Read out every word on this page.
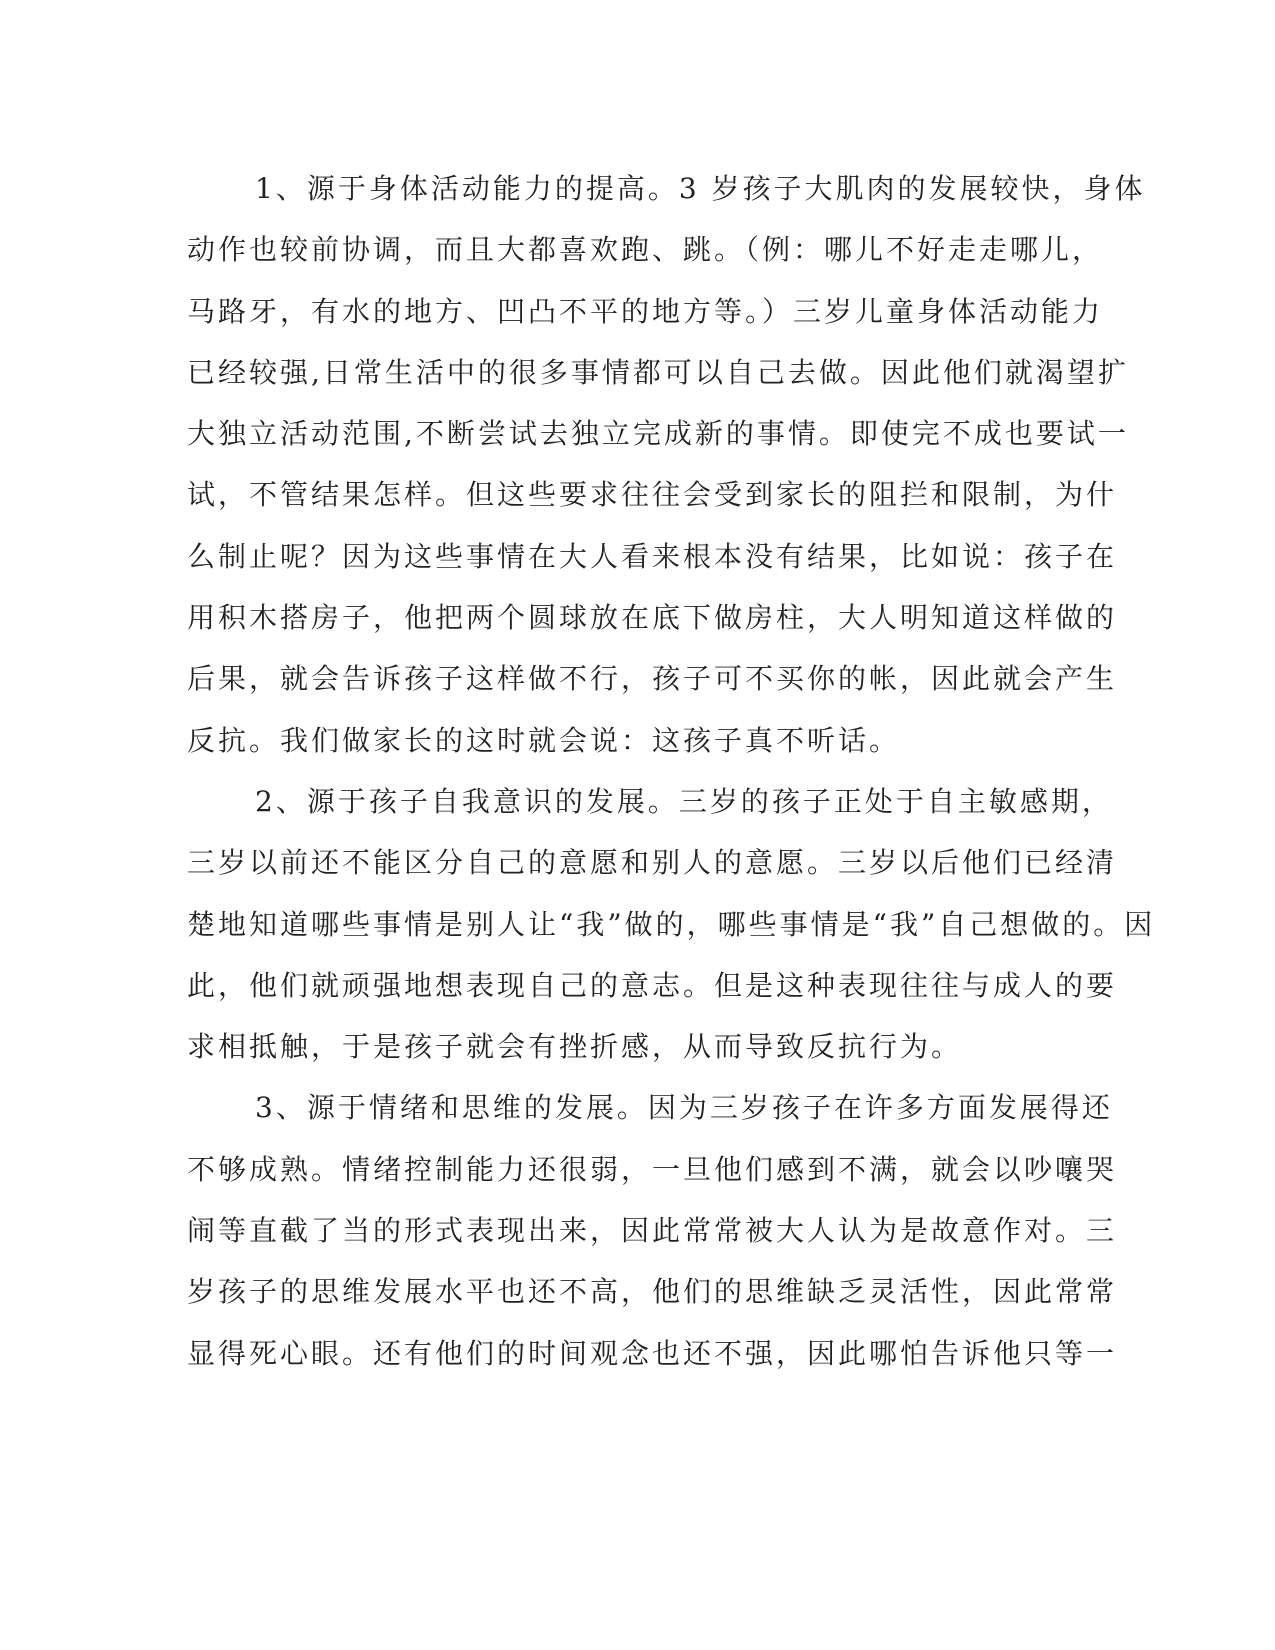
1、源于身体活动能力的提高。3 岁孩子大肌肉的发展较快，身体
动作也较前协调，而且大都喜欢跑、跳。（例：哪儿不好走走哪儿，
马路牙，有水的地方、凹凸不平的地方等。）三岁儿童身体活动能力
已经较强,日常生活中的很多事情都可以自己去做。因此他们就渴望扩
大独立活动范围,不断尝试去独立完成新的事情。即使完不成也要试一
试，不管结果怎样。但这些要求往往会受到家长的阻拦和限制，为什
么制止呢？因为这些事情在大人看来根本没有结果，比如说：孩子在
用积木搭房子，他把两个圆球放在底下做房柱，大人明知道这样做的
后果，就会告诉孩子这样做不行，孩子可不买你的帐，因此就会产生
反抗。我们做家长的这时就会说：这孩子真不听话。
2、源于孩子自我意识的发展。三岁的孩子正处于自主敏感期，
三岁以前还不能区分自己的意愿和别人的意愿。三岁以后他们已经清
楚地知道哪些事情是别人让“我”做的，哪些事情是“我”自己想做的。因
此，他们就顽强地想表现自己的意志。但是这种表现往往与成人的要
求相抵触，于是孩子就会有挫折感，从而导致反抗行为。
3、源于情绪和思维的发展。因为三岁孩子在许多方面发展得还
不够成熟。情绪控制能力还很弱，一旦他们感到不满，就会以吵嚷哭
闹等直截了当的形式表现出来，因此常常被大人认为是故意作对。三
岁孩子的思维发展水平也还不高，他们的思维缺乏灵活性，因此常常
显得死心眼。还有他们的时间观念也还不强，因此哪怕告诉他只等一
